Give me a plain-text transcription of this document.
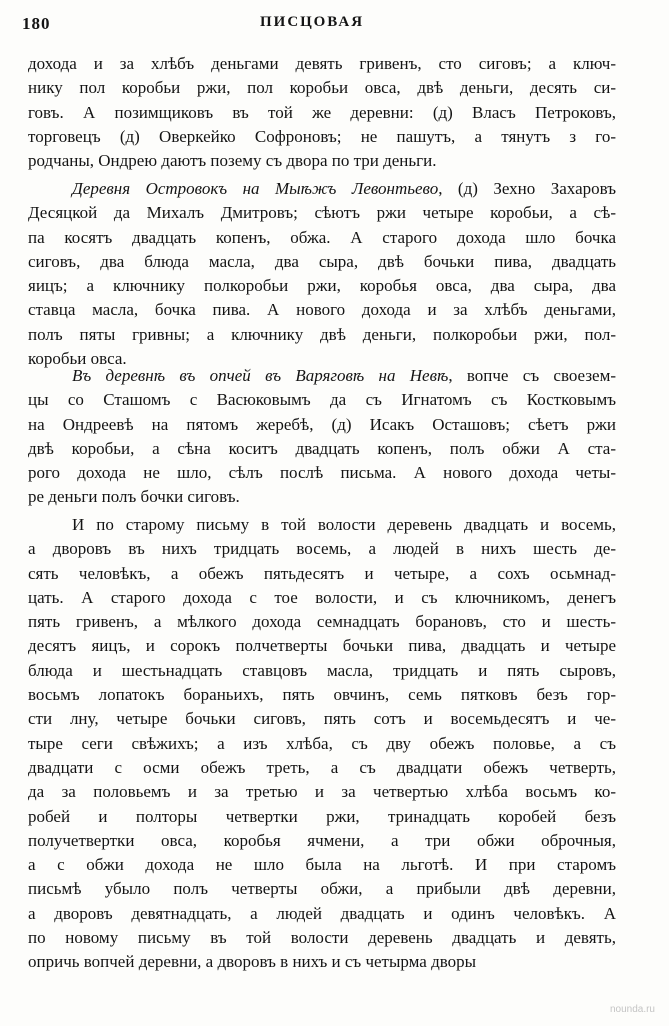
180	ПИСЦОВАЯ
дохода и за хлѣбъ деньгами девять гривенъ, сто сиговъ; а ключ-
нику пол коробьи ржи, пол коробьи овса, двѣ деньги, десять си-
говъ. А позимщиковъ въ той же деревни: (д) Власъ Петроковъ,
торговецъ (д) Оверкейко Софроновъ; не пашутъ, а тянутъ з го-
родчаны, Ондрею даютъ позему съ двора по три деньги.
Деревня Островокъ на Мыѣжъ Левонтьево, (д) Зехно Захаровъ
Десяцкой да Михалъ Дмитровъ; сѣютъ ржи четыре коробьи, а сѣ-
па косятъ двадцать копенъ, обжа. А старого дохода шло бочка
сиговъ, два блюда масла, два сыра, двѣ бочьки пива, двадцать
яицъ; а ключнику полкоробьи ржи, коробья овса, два сыра, два
ставца масла, бочка пива. А нового дохода и за хлѣбъ деньгами,
полъ пяты гривны; а ключнику двѣ деньги, полкоробьи ржи, пол-
коробьи овса.
Въ деревнѣ въ опчей въ Варяговѣ на Невѣ, вопче съ своезем-
цы со Сташомъ с Васюковымъ да съ Игнатомъ съ Костковымъ
на Ондреевѣ на пятомъ жеребѣ, (д) Исакъ Осташовъ; сѣетъ ржи
двѣ коробьи, а сѣна коситъ двадцать копенъ, полъ обжи А ста-
рого дохода не шло, сѣлъ послѣ письма. А нового дохода четы-
ре деньги полъ бочки сиговъ.
И по старому письму в той волости деревень двадцать и восемь,
а дворовъ въ нихъ тридцать восемь, а людей в нихъ шесть де-
сять человѣкъ, а обежъ пятьдесятъ и четыре, а сохъ осьмнад-
цать. А старого дохода с тое волости, и съ ключникомъ, денегъ
пять гривенъ, а мѣлкого дохода семнадцать борановъ, сто и шесть-
десятъ яицъ, и сорокъ полчетверты бочьки пива, двадцать и четыре
блюда и шестьнадцать ставцовъ масла, тридцать и пять сыровъ,
восьмъ лопатокъ бораньихъ, пять овчинъ, семь пятковъ безъ гор-
сти лну, четыре бочьки сиговъ, пять сотъ и восемьдесятъ и че-
тыре сеги свѣжихъ; а изъ хлѣба, съ дву обежъ половье, а съ
двадцати с осми обежъ треть, а съ двадцати обежъ четверть,
да за половьемъ и за третью и за четвертью хлѣба восьмъ ко-
робей и полторы четвертки ржи, тринадцать коробей безъ
получетвертки овса, коробья ячмени, а три обжи оброчныя,
а с обжи дохода не шло была на льготѣ. И при старомъ
письмѣ убыло полъ четверты обжи, а прибыли двѣ деревни,
а дворовъ девятнадцать, а людей двадцать и одинъ человѣкъ. А
по новому письму въ той волости деревень двадцать и девять,
опричь вопчей деревни, а дворовъ в нихъ и съ четырма дворы
nounda.ru
